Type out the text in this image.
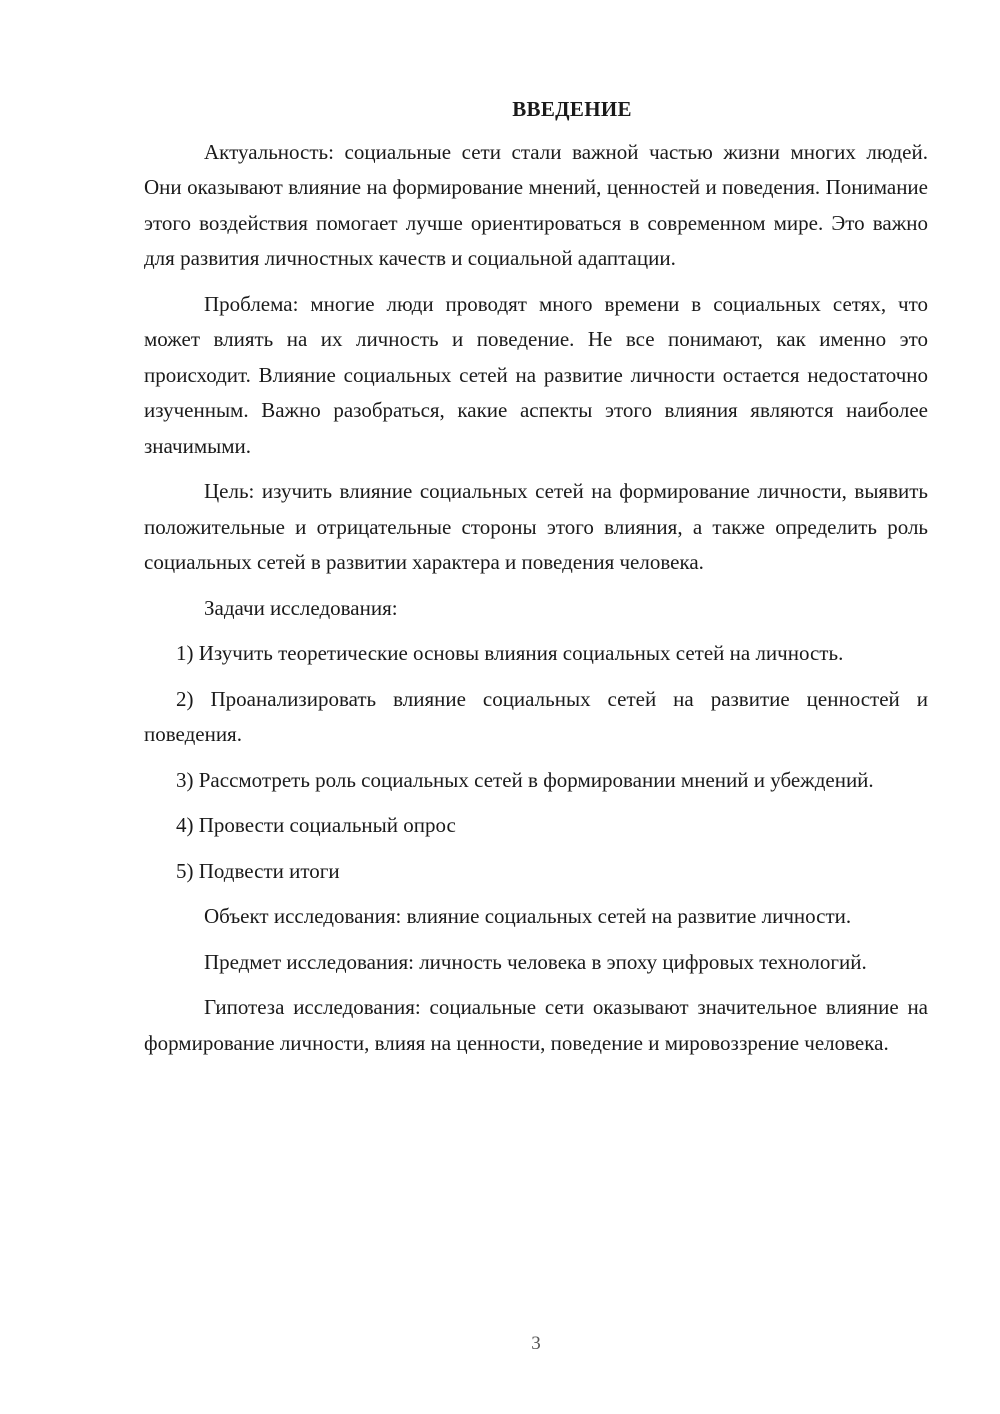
ВВЕДЕНИЕ

Актуальность: социальные сети стали важной частью жизни многих людей. Они оказывают влияние на формирование мнений, ценностей и поведения. Понимание этого воздействия помогает лучше ориентироваться в современном мире. Это важно для развития личностных качеств и социальной адаптации.

Проблема: многие люди проводят много времени в социальных сетях, что может влиять на их личность и поведение. Не все понимают, как именно это происходит. Влияние социальных сетей на развитие личности остается недостаточно изученным. Важно разобраться, какие аспекты этого влияния являются наиболее значимыми.

Цель: изучить влияние социальных сетей на формирование личности, выявить положительные и отрицательные стороны этого влияния, а также определить роль социальных сетей в развитии характера и поведения человека.

Задачи исследования:

1) Изучить теоретические основы влияния социальных сетей на личность.

2) Проанализировать влияние социальных сетей на развитие ценностей и поведения.

3) Рассмотреть роль социальных сетей в формировании мнений и убеждений.

4) Провести социальный опрос

5) Подвести итоги

Объект исследования: влияние социальных сетей на развитие личности.

Предмет исследования: личность человека в эпоху цифровых технологий.

Гипотеза исследования: социальные сети оказывают значительное влияние на формирование личности, влияя на ценности, поведение и мировоззрение человека.

3
